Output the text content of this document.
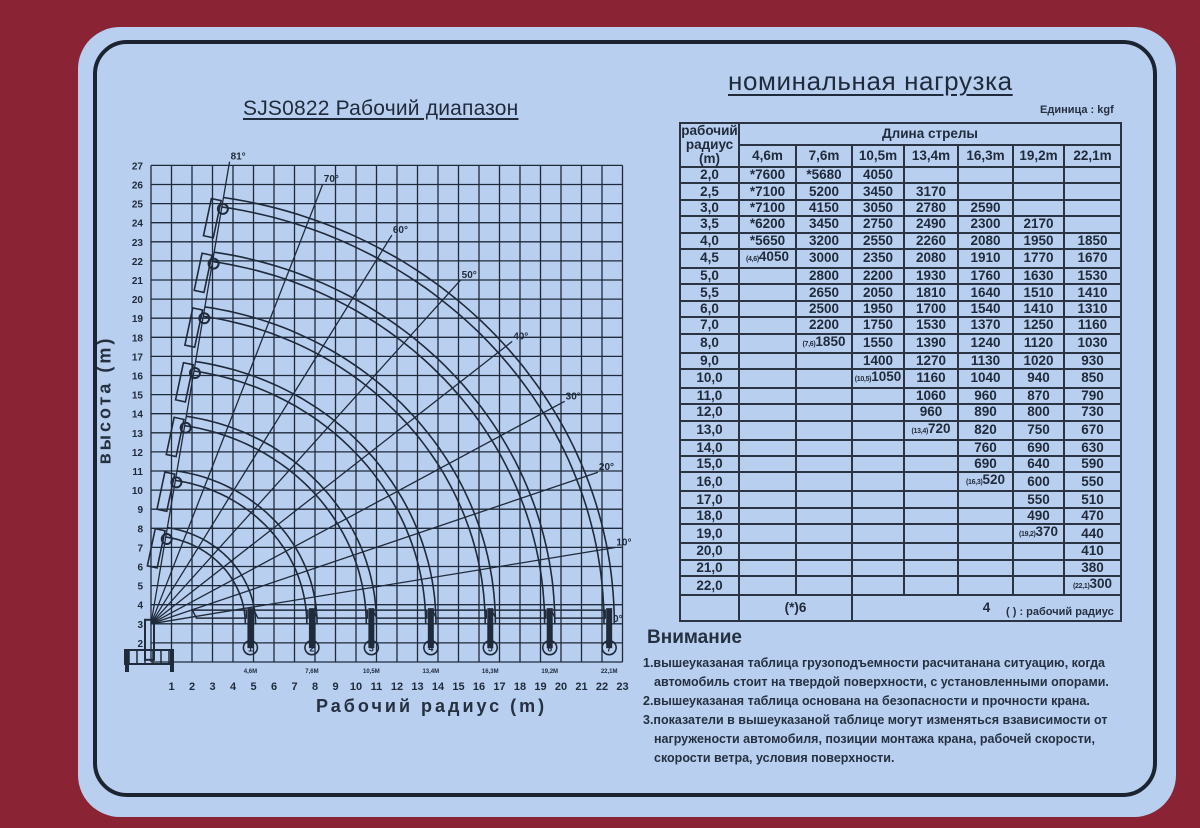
SJS0822 Рабочий диапазон
номинальная нагрузка
Единица : kgf
1 2 3 4 5 6 7 8 9 10 11 12 13 14 15 16 17 18 19 20 21 22 23
2
3
4
5
6
7
8
9
10
11
12
13
14
15
16
17
18
19
20
21
22
23
24
25
26
27
81°
70°
60°
50°
40°
30°
20°
10°
0°
1
4,6M
2
7,6M
3
10,5M
4
13,4M
5
16,3M
6
19,2M
7
22,1M
высота (m)
Рабочий радиус (m)
рабочий радиус (m)	Длина стрелы						
	4,6m	7,6m	10,5m	13,4m	16,3m	19,2m	22,1m
2,0	*7600	*5680	4050				
2,5	*7100	5200	3450	3170			
3,0	*7100	4150	3050	2780	2590		
3,5	*6200	3450	2750	2490	2300	2170	
4,0	*5650	3200	2550	2260	2080	1950	1850
4,5	(4,6)4050	3000	2350	2080	1910	1770	1670
5,0		2800	2200	1930	1760	1630	1530
5,5		2650	2050	1810	1640	1510	1410
6,0		2500	1950	1700	1540	1410	1310
7,0		2200	1750	1530	1370	1250	1160
8,0		(7,6)1850	1550	1390	1240	1120	1030
9,0			1400	1270	1130	1020	930
10,0			(10,5)1050	1160	1040	940	850
11,0				1060	960	870	790
12,0				960	890	800	730
13,0				(13,4)720	820	750	670
14,0					760	690	630
15,0					690	640	590
16,0					(16,3)520	600	550
17,0						550	510
18,0						490	470
19,0						(19,2)370	440
20,0							410
21,0							380
22,0							(22,1)300
	(*)6		4				( ) : рабочий радиус
Внимание
1.вышеуказаная таблица грузоподъемности расчитанана ситуацию, когда
автомобиль стоит на твердой поверхности, с установленными опорами.
2.вышеуказаная таблица основана на безопасности и прочности крана.
3.показатели в вышеуказаной таблице могут изменяться взависимости от
нагружености автомобиля, позиции монтажа крана, рабочей скорости,
скорости ветра, условия поверхности.
